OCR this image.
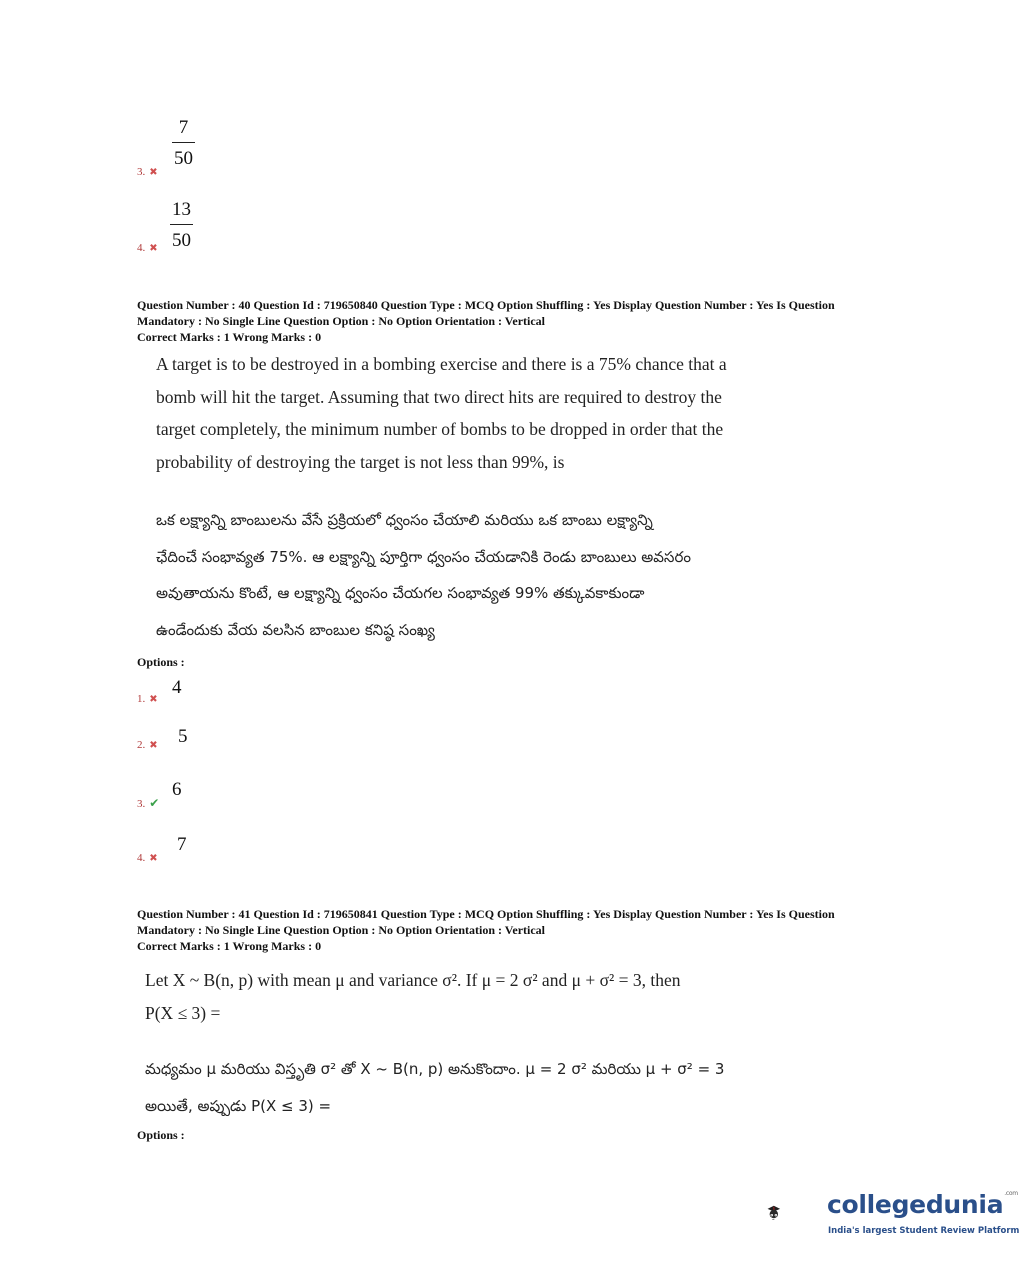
7
50
3. ✖
13
50
4. ✖
Question Number : 40 Question Id : 719650840 Question Type : MCQ Option Shuffling : Yes Display Question Number : Yes Is Question
Mandatory : No Single Line Question Option : No Option Orientation : Vertical
Correct Marks : 1 Wrong Marks : 0
A target is to be destroyed in a bombing exercise and there is a 75% chance that a
bomb will hit the target. Assuming that two direct hits are required to destroy the
target completely, the minimum number of bombs to be dropped in order that the
probability of destroying the target is not less than 99%, is
ఒక లక్ష్యాన్ని బాంబులను వేసే ప్రక్రియలో ధ్వంసం చేయాలి మరియు ఒక బాంబు లక్ష్యాన్ని
ఛేదించే సంభావ్యత 75%. ఆ లక్ష్యాన్ని పూర్తిగా ధ్వంసం చేయడానికి రెండు బాంబులు అవసరం
అవుతాయను కొంటే, ఆ లక్ష్యాన్ని ధ్వంసం చేయగల సంభావ్యత 99% తక్కువకాకుండా
ఉండేందుకు వేయ వలసిన బాంబుల కనిష్ఠ సంఖ్య
Options :
1. ✖
4
2. ✖ 5
3. ✔
6
4. ✖
7
Question Number : 41 Question Id : 719650841 Question Type : MCQ Option Shuffling : Yes Display Question Number : Yes Is Question
Mandatory : No Single Line Question Option : No Option Orientation : Vertical
Correct Marks : 1 Wrong Marks : 0
Let X ~ B(n, p) with mean μ and variance σ². If μ = 2 σ² and μ + σ² = 3, then
P(X ≤ 3) =
మధ్యమం μ మరియు విస్తృతి σ² తో X ~ B(n, p) అనుకొందాం. μ = 2 σ² మరియు μ + σ² = 3
అయితే, అప్పుడు P(X ≤ 3) =
Options :
collegedunia$^{.com}$
India's largest Student Review Platform
